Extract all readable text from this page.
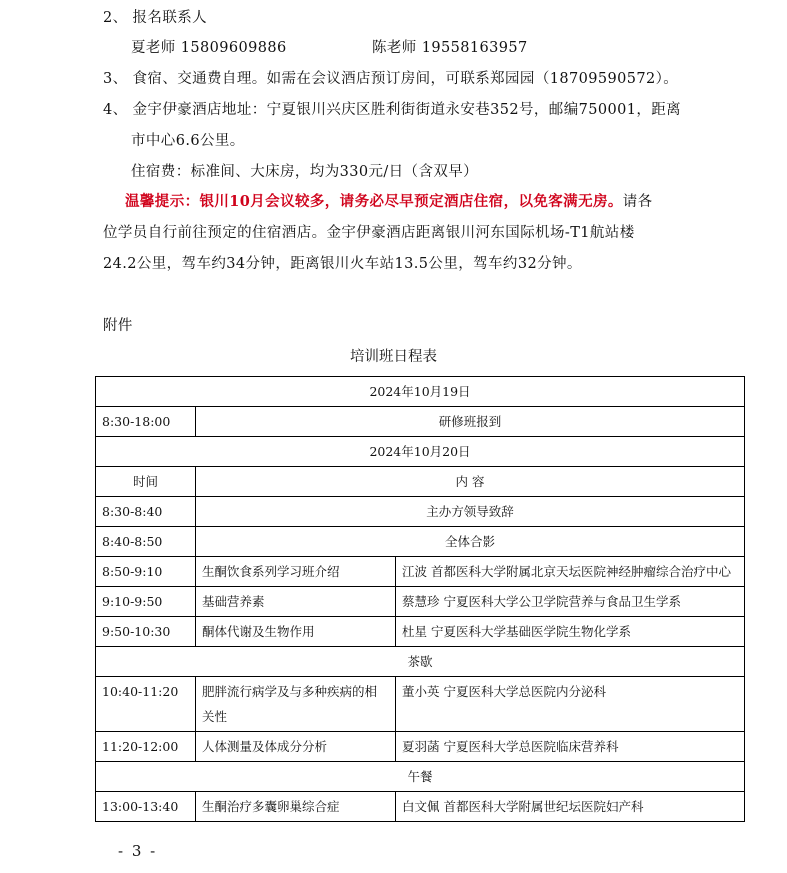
2、 报名联系人
夏老师 15809609886	陈老师 19558163957
3、 食宿、交通费自理。如需在会议酒店预订房间，可联系郑园园（18709590572）。
4、 金宇伊豪酒店地址：宁夏银川兴庆区胜利街街道永安巷352号，邮编750001，距离
市中心6.6公里。
住宿费：标准间、大床房，均为330元/日（含双早）
温馨提示：银川10月会议较多，请务必尽早预定酒店住宿，以免客满无房。请各
位学员自行前往预定的住宿酒店。金宇伊豪酒店距离银川河东国际机场-T1航站楼
24.2公里，驾车约34分钟，距离银川火车站13.5公里，驾车约32分钟。
附件
培训班日程表
2024年10月19日		
8:30-18:00	研修班报到	
2024年10月20日		
时间	内 容	
8:30-8:40	主办方领导致辞	
8:40-8:50	全体合影	
8:50-9:10	生酮饮食系列学习班介绍	江波 首都医科大学附属北京天坛医院神经肿瘤综合治疗中心
9:10-9:50	基础营养素	蔡慧珍 宁夏医科大学公卫学院营养与食品卫生学系
9:50-10:30	酮体代谢及生物作用	杜星 宁夏医科大学基础医学院生物化学系
茶歇		
10:40-11:20	肥胖流行病学及与多种疾病的相关性	董小英 宁夏医科大学总医院内分泌科
11:20-12:00	人体测量及体成分分析	夏羽菡 宁夏医科大学总医院临床营养科
午餐		
13:00-13:40	生酮治疗多囊卵巢综合症	白文佩 首都医科大学附属世纪坛医院妇产科
- 3 -
